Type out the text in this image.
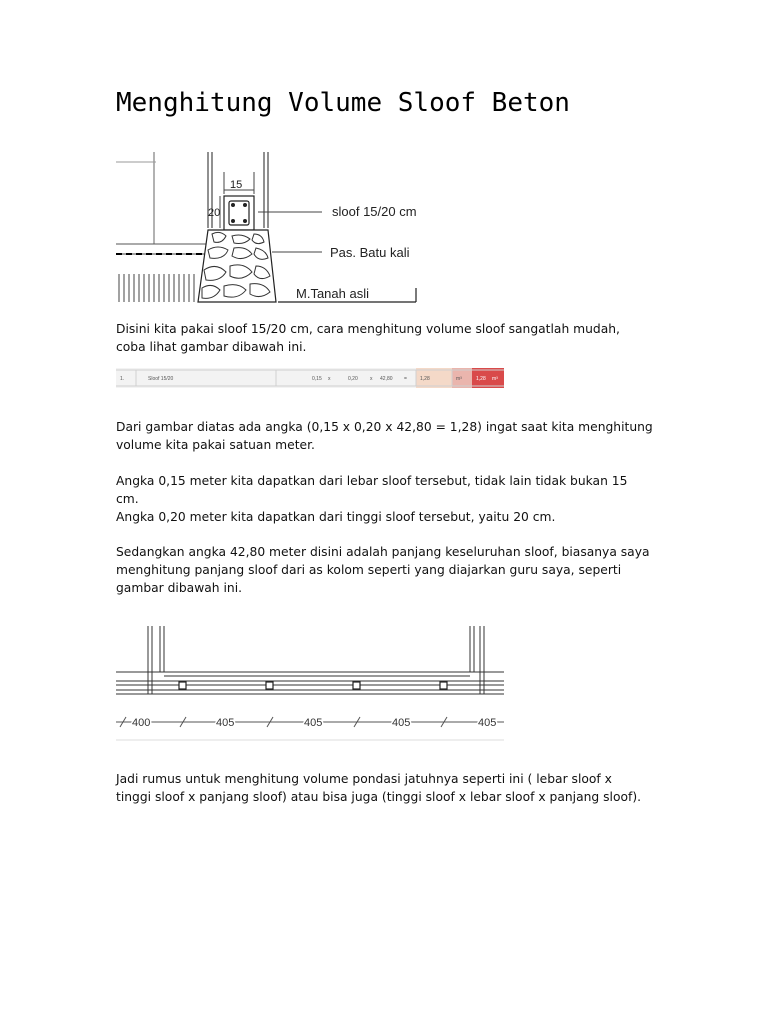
Menghitung Volume Sloof Beton
15
20	sloof 15/20 cm
Pas. Batu kali
M.Tanah asli

Disini kita pakai sloof 15/20 cm, cara menghitung volume sloof sangatlah mudah,
coba lihat gambar dibawah ini.

1.	Sloof 15/20	0,15 x	0,20 x 42,80 =	1,28	m³	1,28 m³

Dari gambar diatas ada angka (0,15 x 0,20 x 42,80 = 1,28) ingat saat kita menghitung
volume kita pakai satuan meter.

Angka 0,15 meter kita dapatkan dari lebar sloof tersebut, tidak lain tidak bukan 15
cm.
Angka 0,20 meter kita dapatkan dari tinggi sloof tersebut, yaitu 20 cm.

Sedangkan angka 42,80 meter disini adalah panjang keseluruhan sloof, biasanya saya
menghitung panjang sloof dari as kolom seperti yang diajarkan guru saya, seperti
gambar dibawah ini.

400	405	405	405	405

Jadi rumus untuk menghitung volume pondasi jatuhnya seperti ini ( lebar sloof x
tinggi sloof x panjang sloof) atau bisa juga (tinggi sloof x lebar sloof x panjang sloof).
